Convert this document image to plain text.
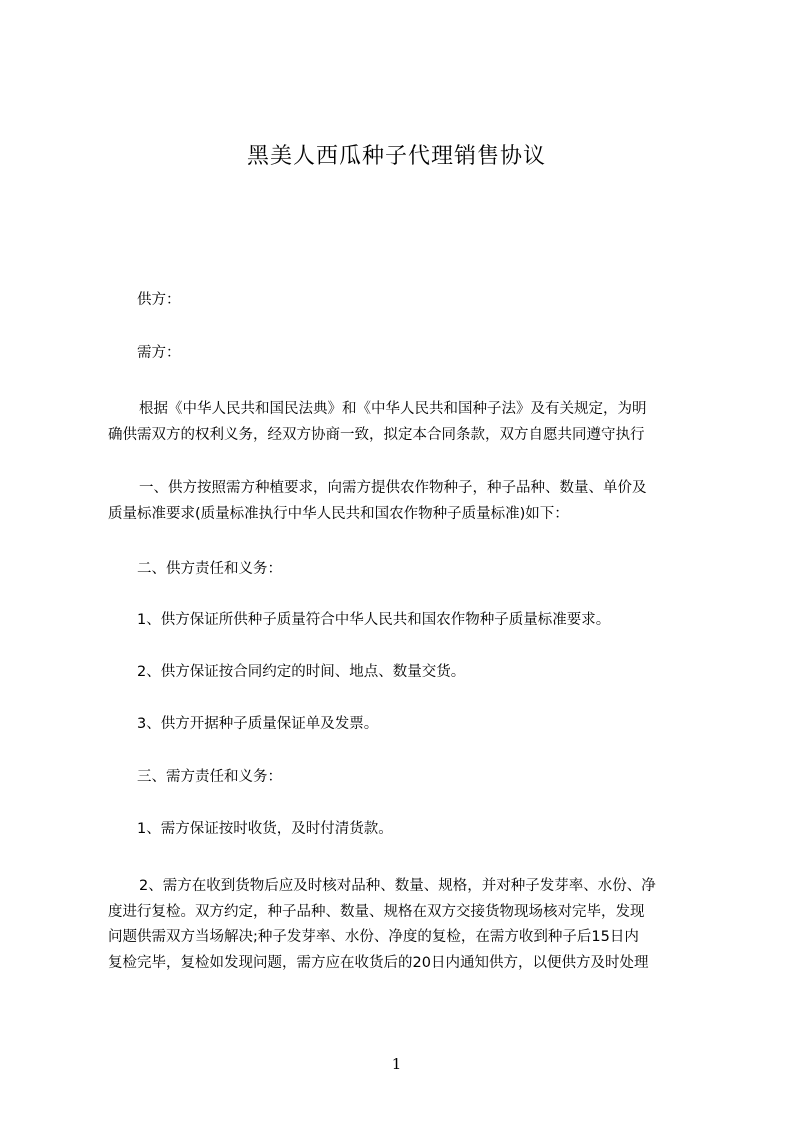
黑美人西瓜种子代理销售协议
供方：
需方：
根据《中华人民共和国民法典》和《中华人民共和国种子法》及有关规定，为明
确供需双方的权利义务，经双方协商一致，拟定本合同条款，双方自愿共同遵守执行
一、供方按照需方种植要求，向需方提供农作物种子，种子品种、数量、单价及
质量标准要求(质量标准执行中华人民共和国农作物种子质量标准)如下：
二、供方责任和义务：
1、供方保证所供种子质量符合中华人民共和国农作物种子质量标准要求。
2、供方保证按合同约定的时间、地点、数量交货。
3、供方开据种子质量保证单及发票。
三、需方责任和义务：
1、需方保证按时收货，及时付清货款。
2、需方在收到货物后应及时核对品种、数量、规格，并对种子发芽率、水份、净
度进行复检。双方约定，种子品种、数量、规格在双方交接货物现场核对完毕，发现
问题供需双方当场解决;种子发芽率、水份、净度的复检，在需方收到种子后15日内
复检完毕，复检如发现问题，需方应在收货后的20日内通知供方，以便供方及时处理
1
